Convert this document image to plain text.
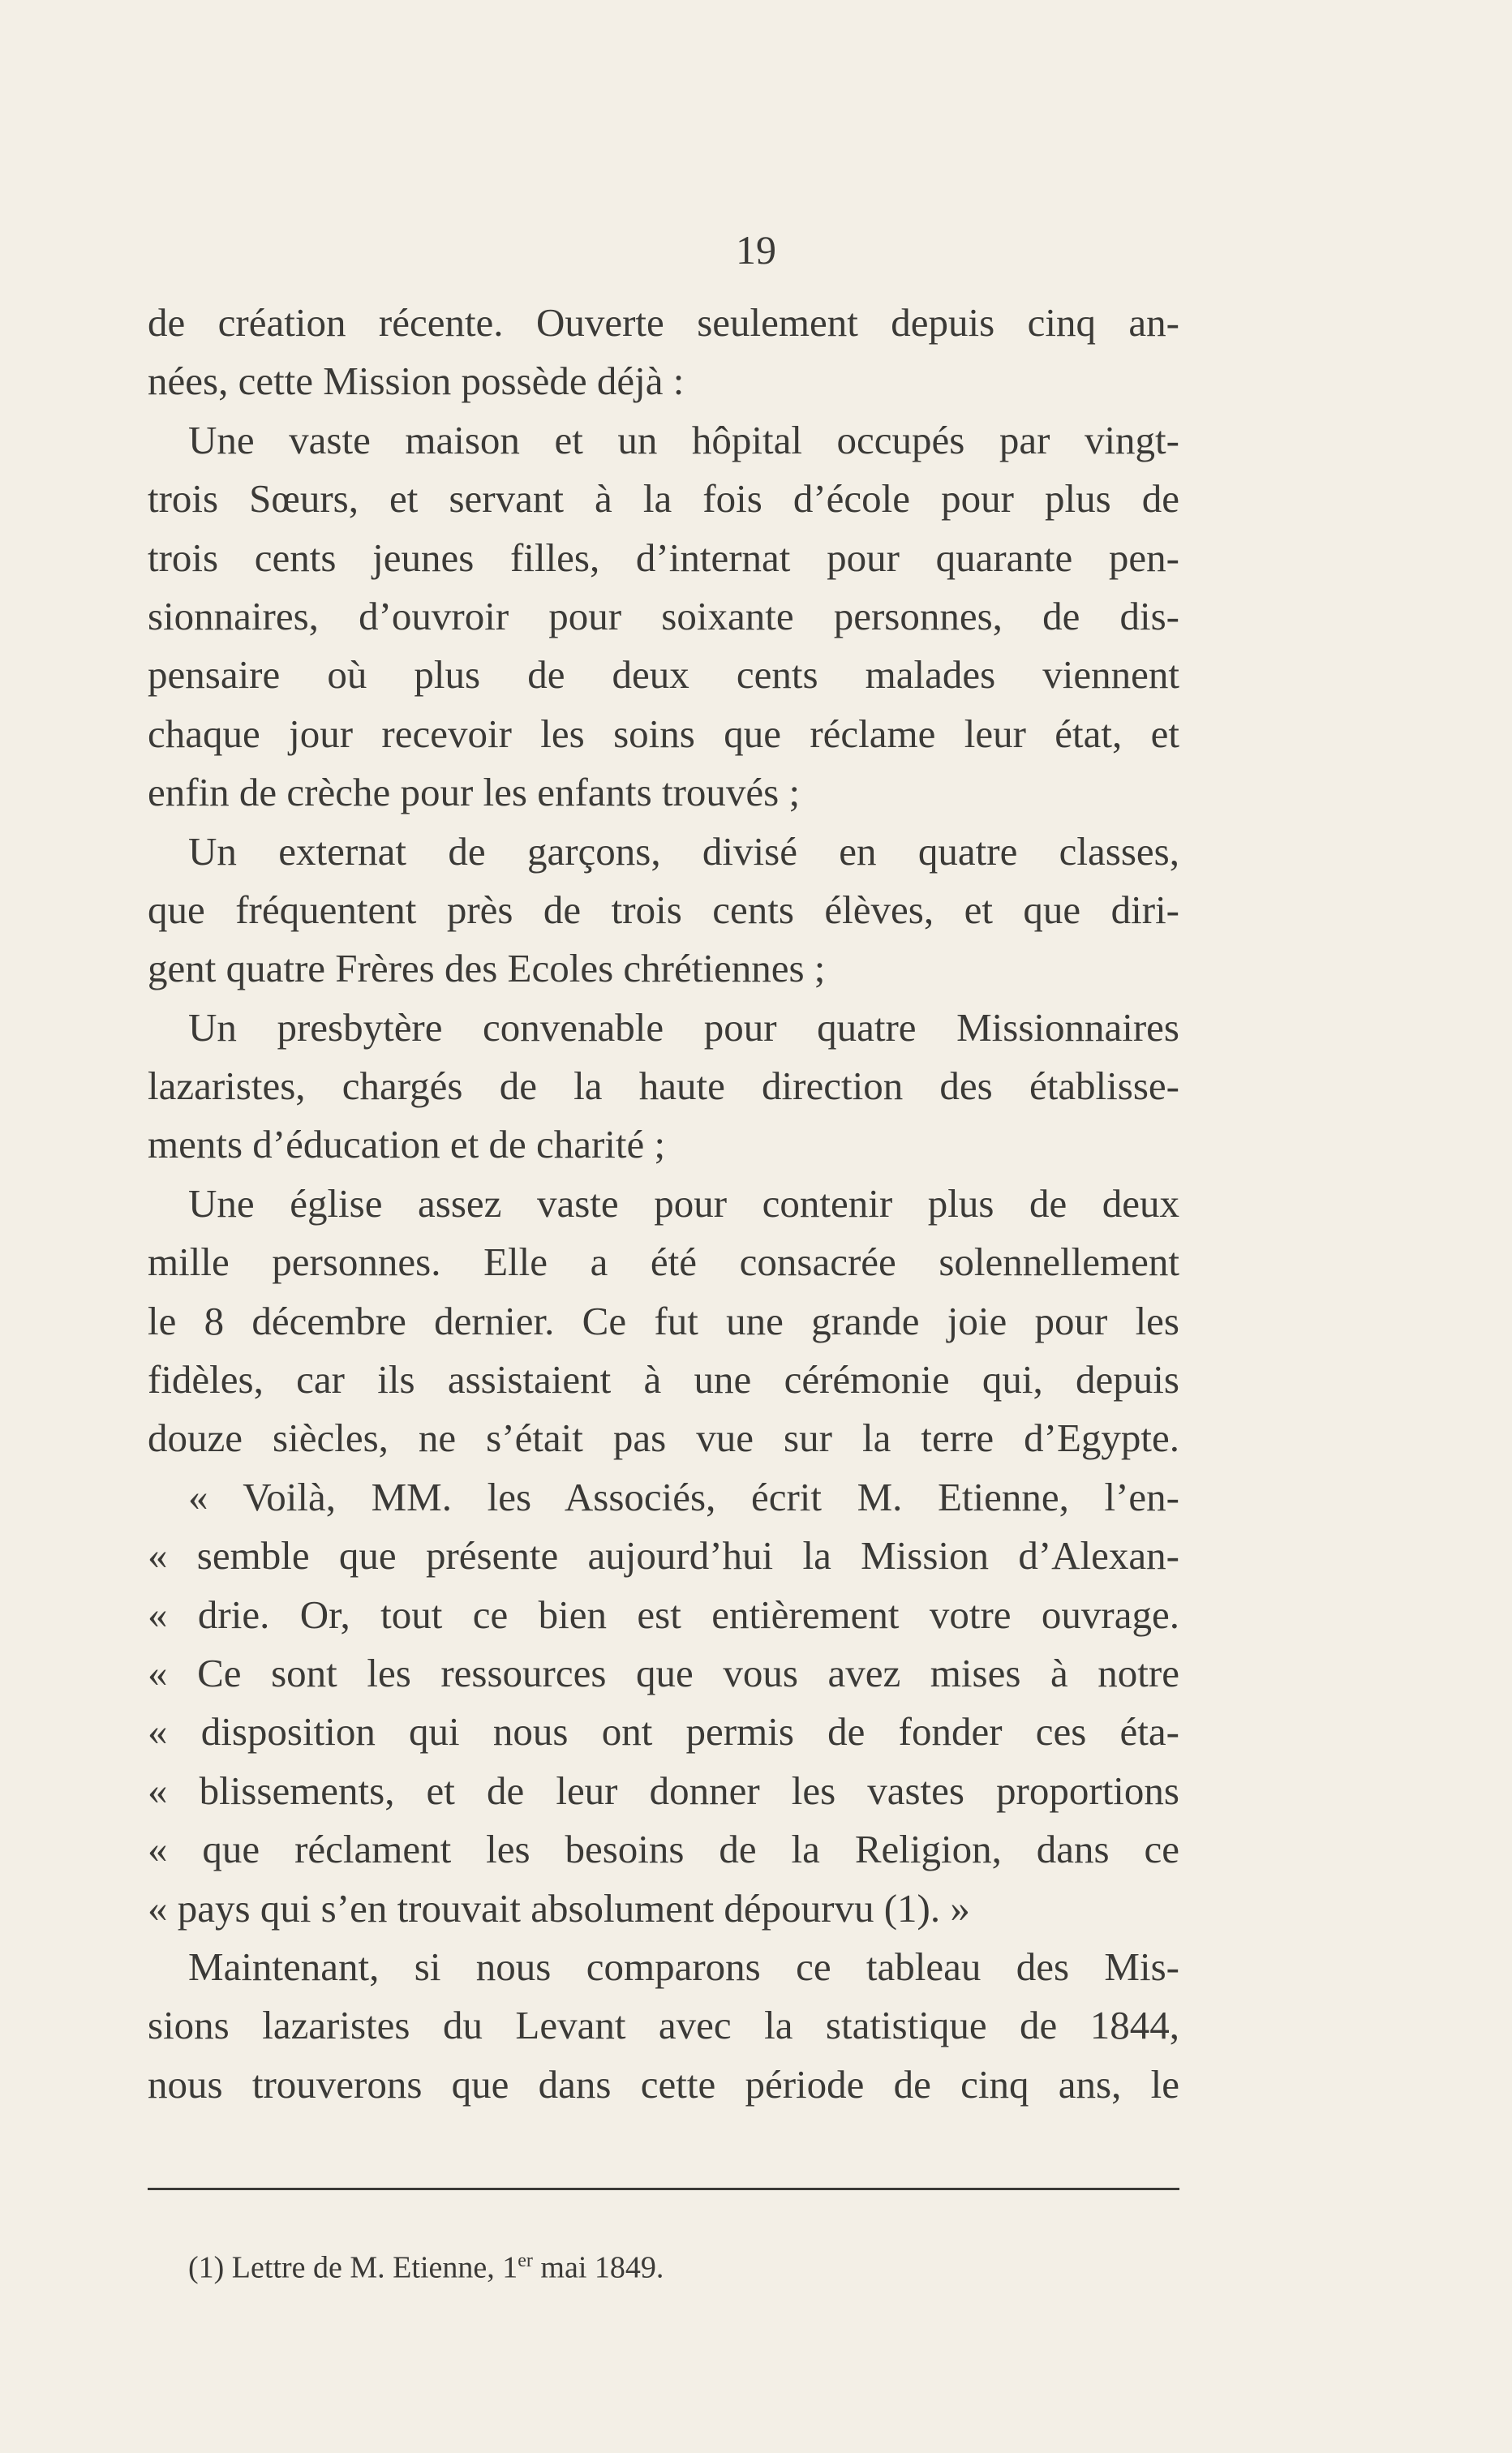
19
de création récente. Ouverte seulement depuis cinq an-
nées, cette Mission possède déjà :
Une vaste maison et un hôpital occupés par vingt-
trois Sœurs, et servant à la fois d’école pour plus de
trois cents jeunes filles, d’internat pour quarante pen-
sionnaires, d’ouvroir pour soixante personnes, de dis-
pensaire où plus de deux cents malades viennent
chaque jour recevoir les soins que réclame leur état, et
enfin de crèche pour les enfants trouvés ;
Un externat de garçons, divisé en quatre classes,
que fréquentent près de trois cents élèves, et que diri-
gent quatre Frères des Ecoles chrétiennes ;
Un presbytère convenable pour quatre Missionnaires
lazaristes, chargés de la haute direction des établisse-
ments d’éducation et de charité ;
Une église assez vaste pour contenir plus de deux
mille personnes. Elle a été consacrée solennellement
le 8 décembre dernier. Ce fut une grande joie pour les
fidèles, car ils assistaient à une cérémonie qui, depuis
douze siècles, ne s’était pas vue sur la terre d’Egypte.
« Voilà, MM. les Associés, écrit M. Etienne, l’en-
« semble que présente aujourd’hui la Mission d’Alexan-
« drie. Or, tout ce bien est entièrement votre ouvrage.
« Ce sont les ressources que vous avez mises à notre
« disposition qui nous ont permis de fonder ces éta-
« blissements, et de leur donner les vastes proportions
« que réclament les besoins de la Religion, dans ce
« pays qui s’en trouvait absolument dépourvu (1). »
Maintenant, si nous comparons ce tableau des Mis-
sions lazaristes du Levant avec la statistique de 1844,
nous trouverons que dans cette période de cinq ans, le
(1) Lettre de M. Etienne, 1er mai 1849.
